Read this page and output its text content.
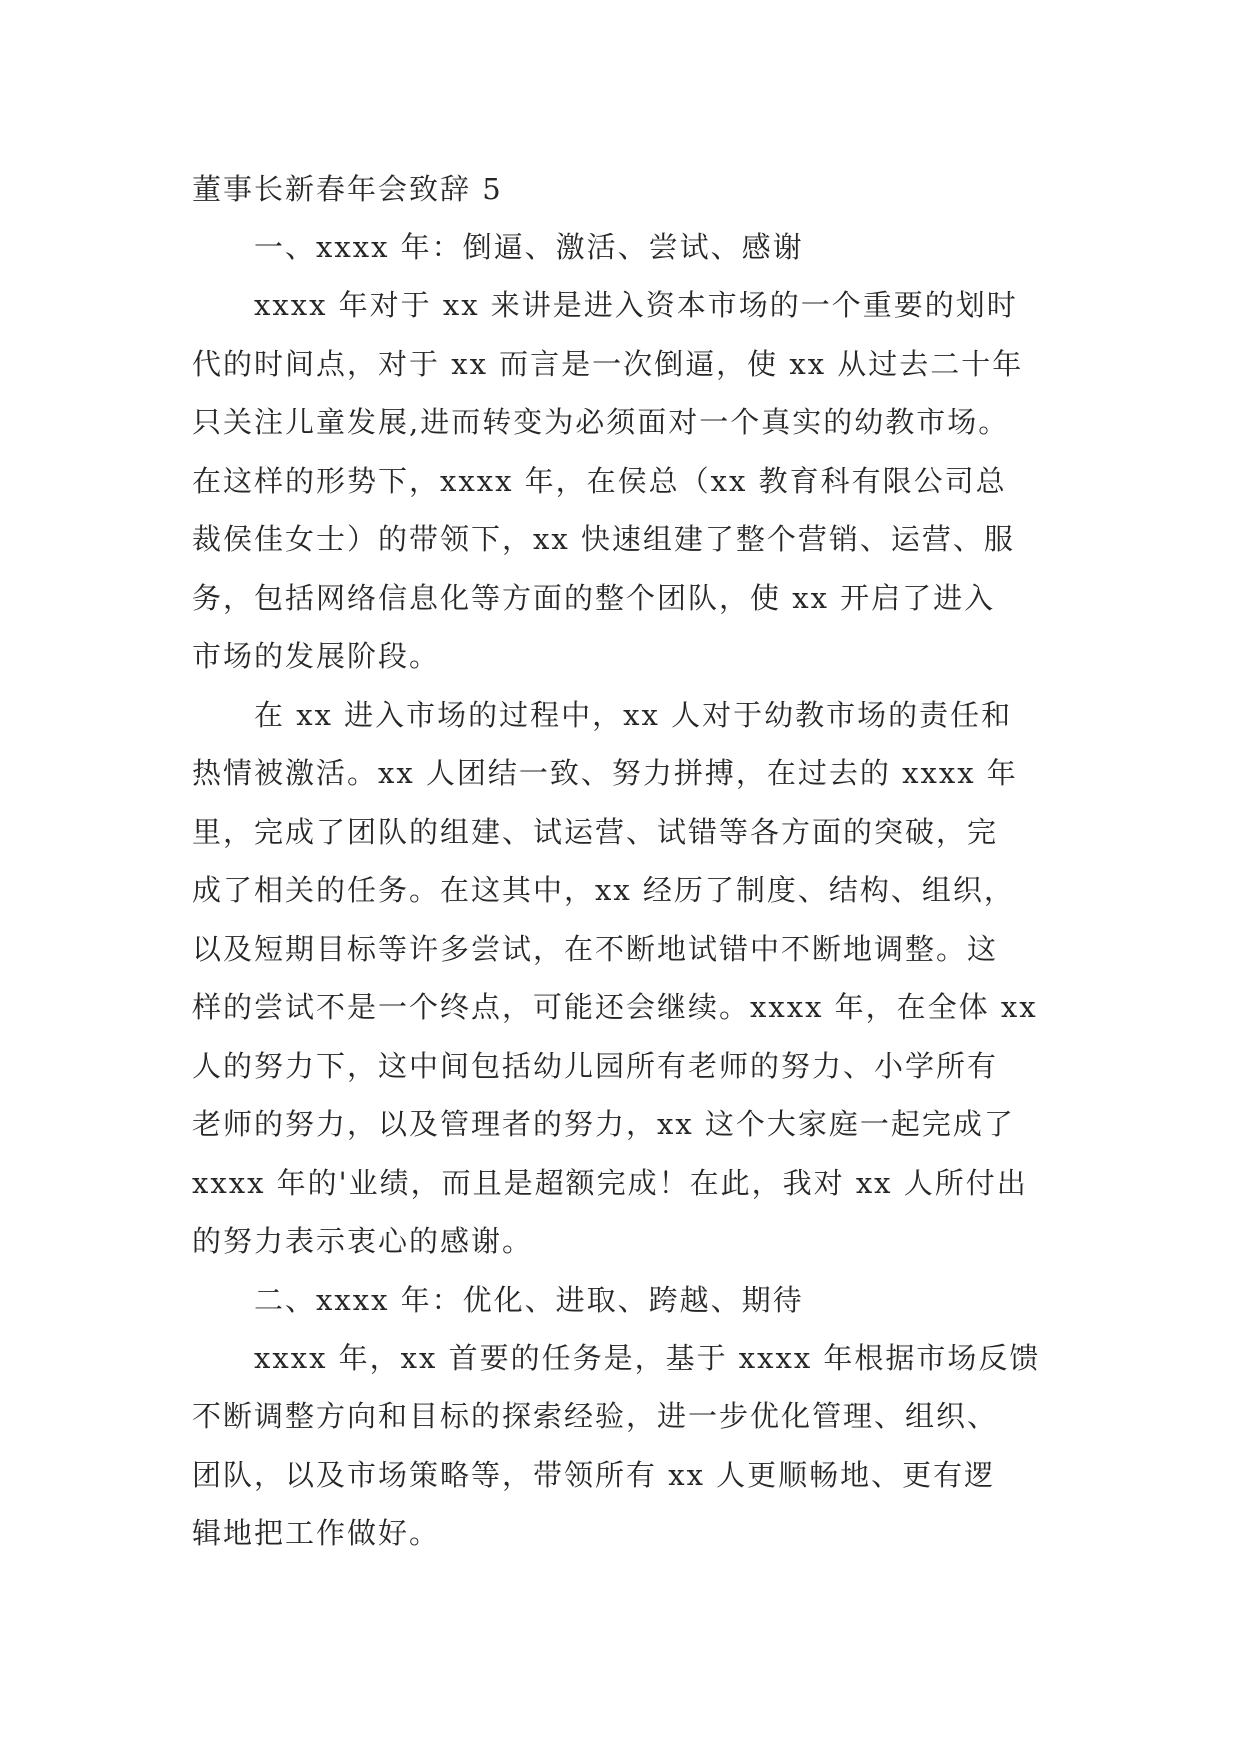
董事长新春年会致辞 5

一、xxxx 年：倒逼、激活、尝试、感谢

xxxx 年对于 xx 来讲是进入资本市场的一个重要的划时
代的时间点，对于 xx 而言是一次倒逼，使 xx 从过去二十年
只关注儿童发展,进而转变为必须面对一个真实的幼教市场。
在这样的形势下，xxxx 年，在侯总（xx 教育科有限公司总
裁侯佳女士）的带领下，xx 快速组建了整个营销、运营、服
务，包括网络信息化等方面的整个团队，使 xx 开启了进入
市场的发展阶段。

在 xx 进入市场的过程中，xx 人对于幼教市场的责任和
热情被激活。xx 人团结一致、努力拼搏，在过去的 xxxx 年
里，完成了团队的组建、试运营、试错等各方面的突破，完
成了相关的任务。在这其中，xx 经历了制度、结构、组织，
以及短期目标等许多尝试，在不断地试错中不断地调整。这
样的尝试不是一个终点，可能还会继续。xxxx 年，在全体 xx
人的努力下，这中间包括幼儿园所有老师的努力、小学所有
老师的努力，以及管理者的努力，xx 这个大家庭一起完成了
xxxx 年的'业绩，而且是超额完成！在此，我对 xx 人所付出
的努力表示衷心的感谢。

二、xxxx 年：优化、进取、跨越、期待

xxxx 年，xx 首要的任务是，基于 xxxx 年根据市场反馈
不断调整方向和目标的探索经验，进一步优化管理、组织、
团队，以及市场策略等，带领所有 xx 人更顺畅地、更有逻
辑地把工作做好。
